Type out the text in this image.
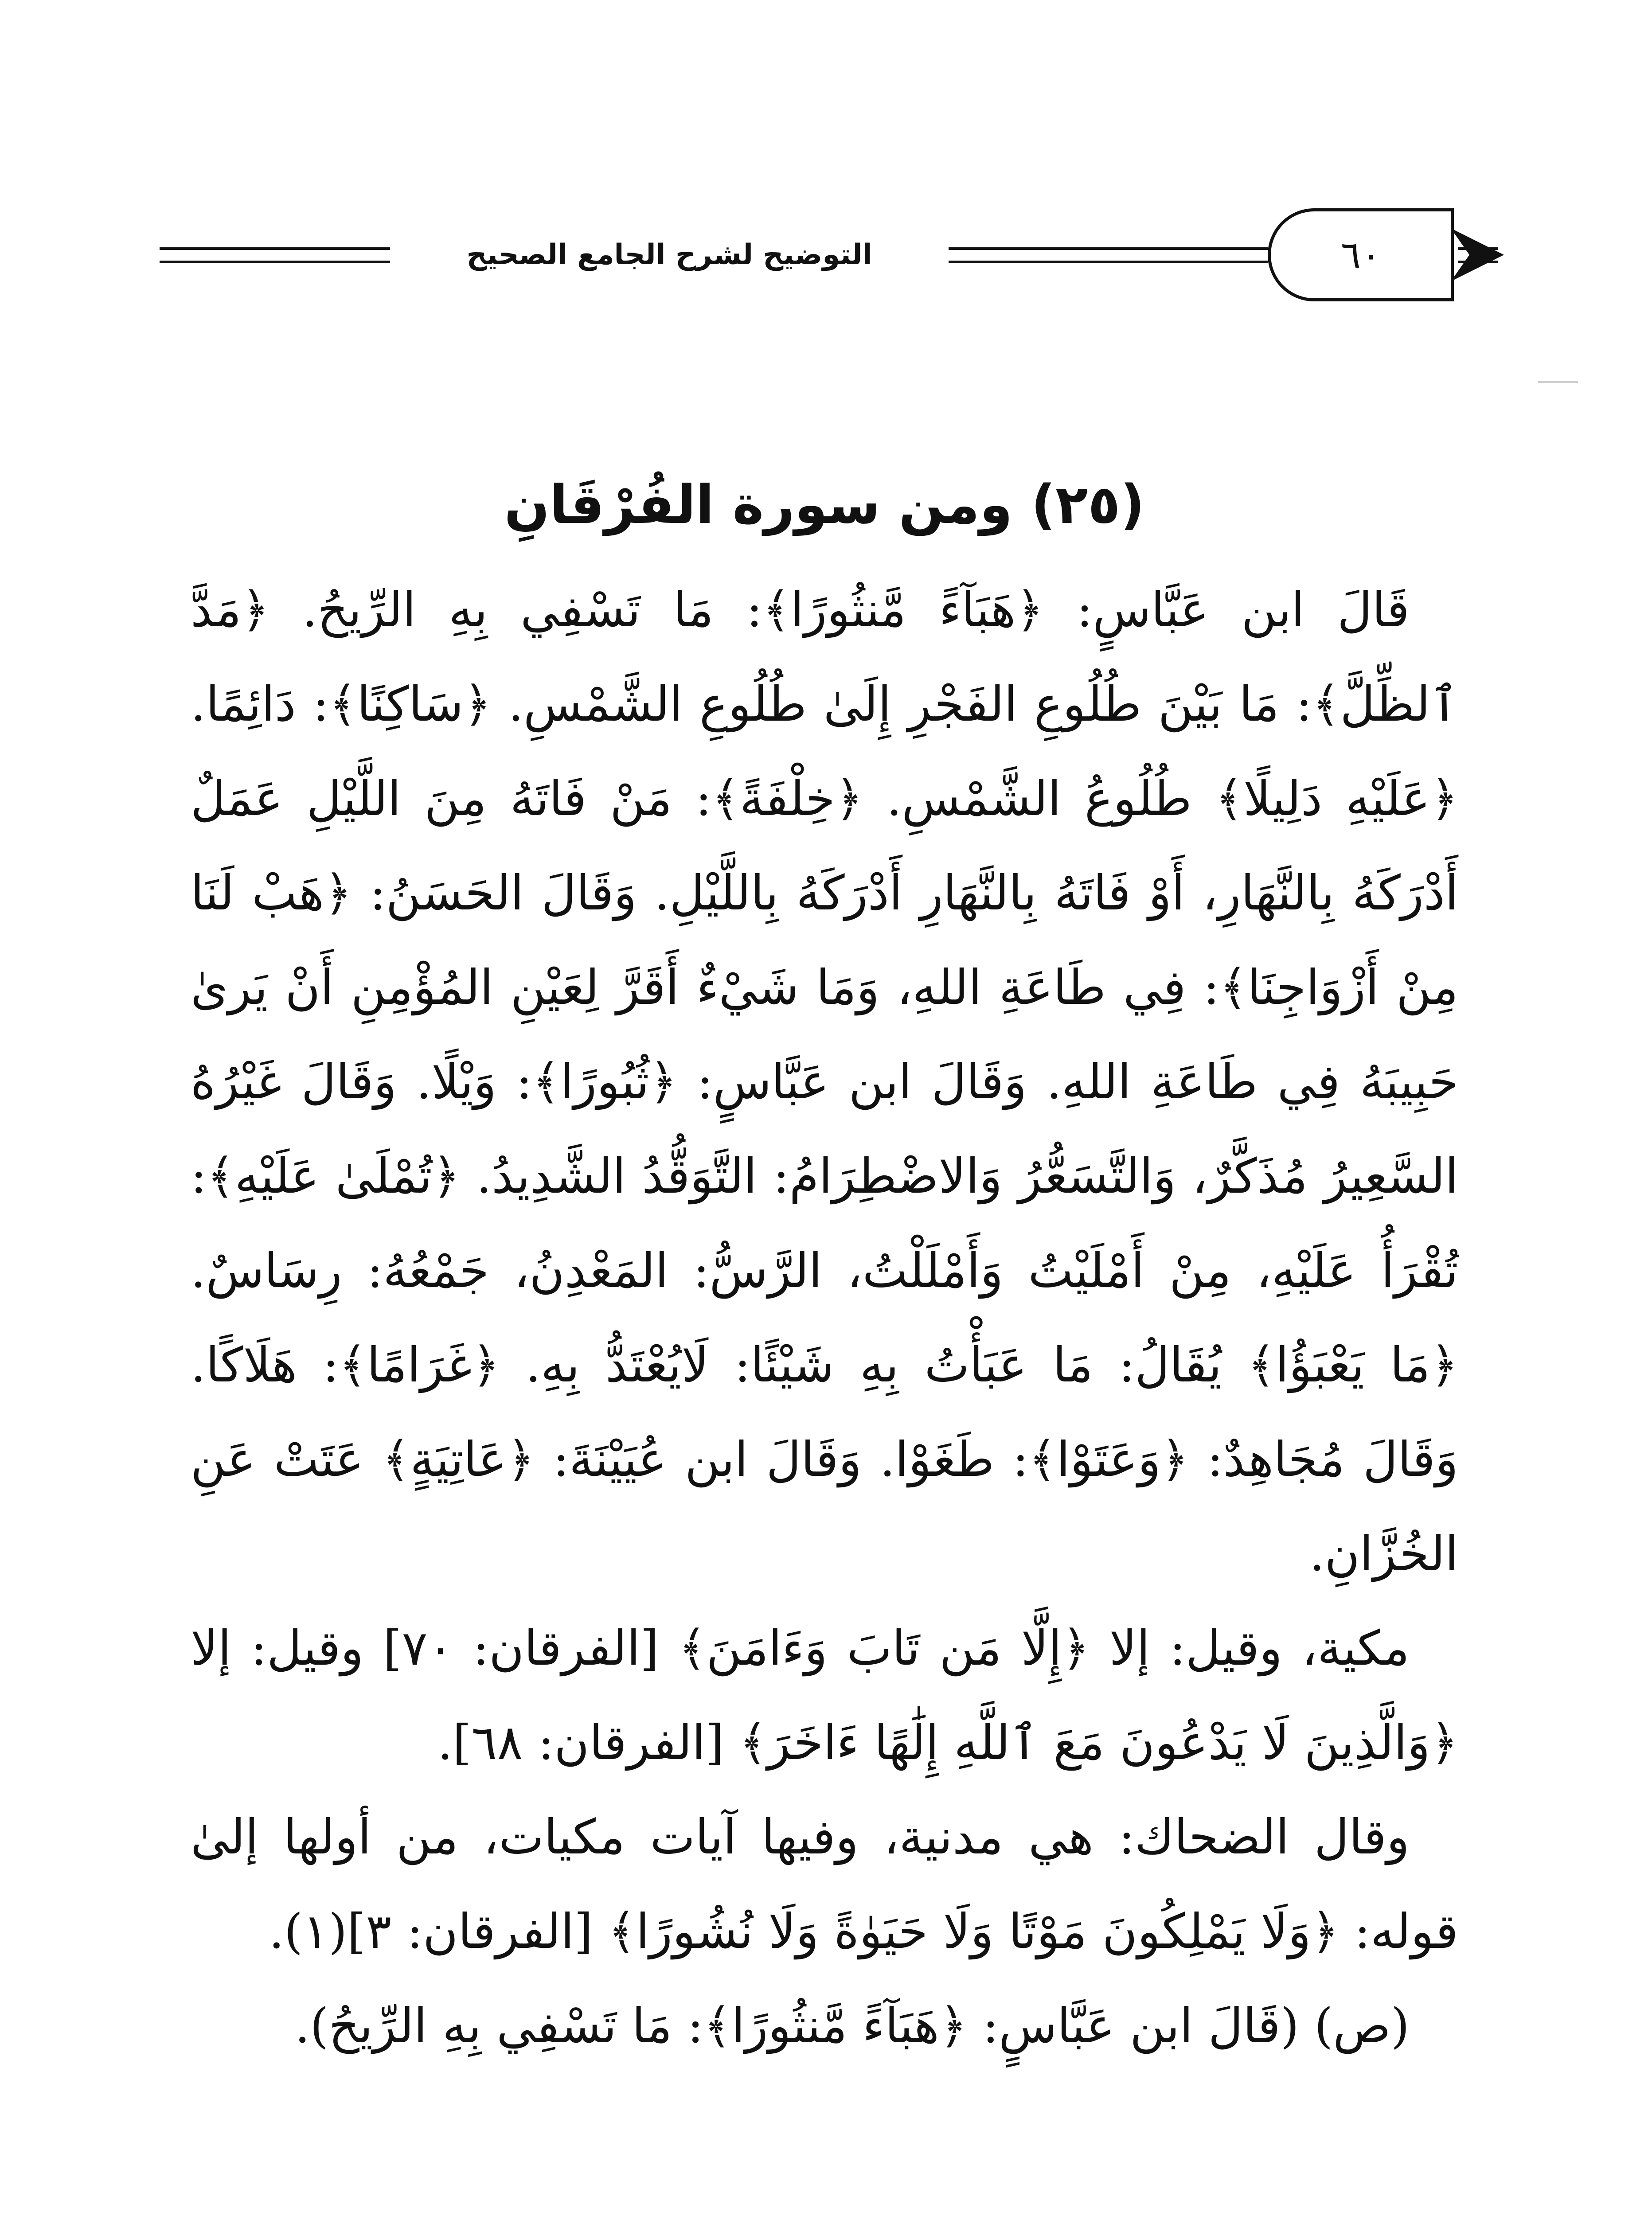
التوضيح لشرح الجامع الصحيح	٦٠
(٢٥) ومن سورة الفُرْقَانِ

قَالَ ابن عَبَّاسٍ: ﴿هَبَآءً مَّنثُورًا﴾: مَا تَسْفِي بِهِ الرِّيحُ. ﴿مَدَّ ٱلظِّلَّ﴾: مَا بَيْنَ طُلُوعِ الفَجْرِ إِلَىٰ طُلُوعِ الشَّمْسِ. ﴿سَاكِنًا﴾: دَائِمًا. ﴿عَلَيْهِ دَلِيلًا﴾ طُلُوعُ الشَّمْسِ. ﴿خِلْفَةً﴾: مَنْ فَاتَهُ مِنَ اللَّيْلِ عَمَلٌ أَدْرَكَهُ بِالنَّهَارِ، أَوْ فَاتَهُ بِالنَّهَارِ أَدْرَكَهُ بِاللَّيْلِ. وَقَالَ الحَسَنُ: ﴿هَبْ لَنَا مِنْ أَزْوَاجِنَا﴾: فِي طَاعَةِ اللهِ، وَمَا شَيْءٌ أَقَرَّ لِعَيْنِ المُؤْمِنِ أَنْ يَرىٰ حَبِيبَهُ فِي طَاعَةِ اللهِ. وَقَالَ ابن عَبَّاسٍ: ﴿ثُبُورًا﴾: وَيْلًا. وَقَالَ غَيْرُهُ السَّعِيرُ مُذَكَّرٌ، وَالتَّسَعُّرُ وَالاضْطِرَامُ: التَّوَقُّدُ الشَّدِيدُ. ﴿تُمْلَىٰ عَلَيْهِ﴾: تُقْرَأُ عَلَيْهِ، مِنْ أَمْلَيْتُ وَأَمْلَلْتُ، الرَّسُّ: المَعْدِنُ، جَمْعُهُ: رِسَاسٌ. ﴿مَا يَعْبَؤُا﴾ يُقَالُ: مَا عَبَأْتُ بِهِ شَيْئًا: لَايُعْتَدُّ بِهِ. ﴿غَرَامًا﴾: هَلَاكًا. وَقَالَ مُجَاهِدٌ: ﴿وَعَتَوْا﴾: طَغَوْا. وَقَالَ ابن عُيَيْنَةَ: ﴿عَاتِيَةٍ﴾ عَتَتْ عَنِ الخُزَّانِ.

مكية، وقيل: إلا ﴿إِلَّا مَن تَابَ وَءَامَنَ﴾ [الفرقان: ٧٠] وقيل: إلا ﴿وَالَّذِينَ لَا يَدْعُونَ مَعَ ٱللَّهِ إِلَٰهًا ءَاخَرَ﴾ [الفرقان: ٦٨].

وقال الضحاك: هي مدنية، وفيها آيات مكيات، من أولها إلىٰ قوله: ﴿وَلَا يَمْلِكُونَ مَوْتًا وَلَا حَيَوٰةً وَلَا نُشُورًا﴾ [الفرقان: ٣](١).

(ص) (قَالَ ابن عَبَّاسٍ: ﴿هَبَآءً مَّنثُورًا﴾: مَا تَسْفِي بِهِ الرِّيحُ).
